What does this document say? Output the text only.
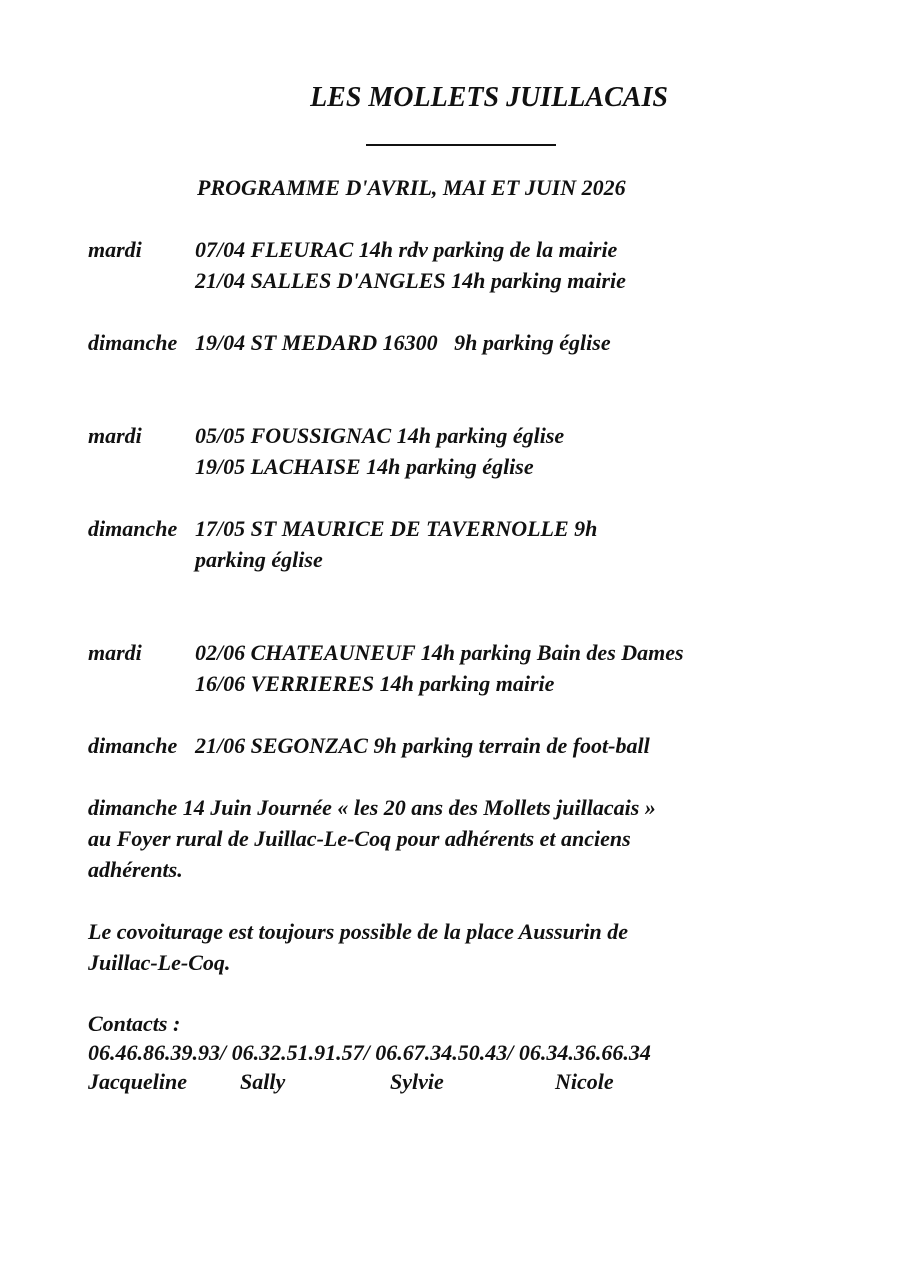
LES MOLLETS JUILLACAIS
PROGRAMME D'AVRIL, MAI ET JUIN 2026
mardi	07/04 FLEURAC 14h rdv parking de la mairie
21/04 SALLES D'ANGLES 14h parking mairie
dimanche 19/04 ST MEDARD 16300   9h parking église
mardi	05/05 FOUSSIGNAC 14h parking église
19/05 LACHAISE 14h parking église
dimanche 17/05 ST MAURICE DE TAVERNOLLE 9h
parking église
mardi	02/06 CHATEAUNEUF 14h parking Bain des Dames
16/06 VERRIERES 14h parking mairie
dimanche 21/06 SEGONZAC 9h parking terrain de foot-ball
dimanche 14 Juin Journée « les 20 ans des Mollets juillacais »
au Foyer rural de Juillac-Le-Coq pour adhérents et anciens
adhérents.
Le covoiturage est toujours possible de la place Aussurin de
Juillac-Le-Coq.
Contacts :
06.46.86.39.93/ 06.32.51.91.57/ 06.67.34.50.43/ 06.34.36.66.34
Jacqueline	Sally	Sylvie	Nicole
